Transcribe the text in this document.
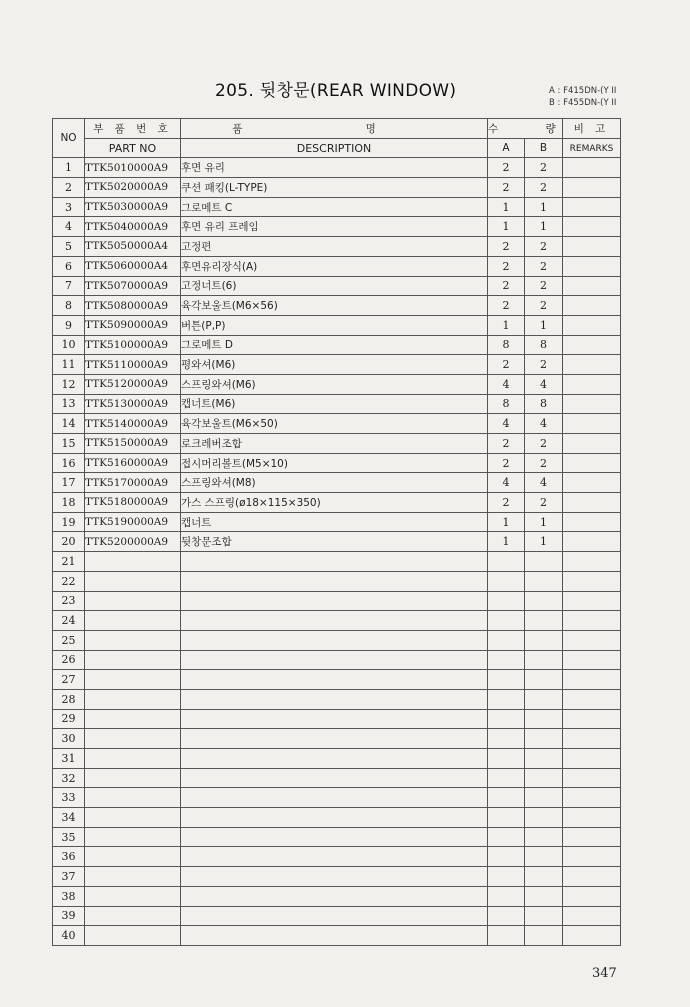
205. 뒷창문(REAR WINDOW)	A : F415DN-(Y II
B : F455DN-(Y II
NO	부 품 번 호	품 명	수 량		비 고
	PART NO	DESCRIPTION	A	B	REMARKS
1	TTK5010000A9	후면 유리	2	2	
2	TTK5020000A9	쿠션 패킹(L-TYPE)	2	2	
3	TTK5030000A9	그로메트 C	1	1	
4	TTK5040000A9	후면 유리 프레임	1	1	
5	TTK5050000A4	고정편	2	2	
6	TTK5060000A4	후면유리장식(A)	2	2	
7	TTK5070000A9	고정너트(6)	2	2	
8	TTK5080000A9	육각보울트(M6×56)	2	2	
9	TTK5090000A9	버튼(P,P)	1	1	
10	TTK5100000A9	그로메트 D	8	8	
11	TTK5110000A9	평와셔(M6)	2	2	
12	TTK5120000A9	스프링와셔(M6)	4	4	
13	TTK5130000A9	캡너트(M6)	8	8	
14	TTK5140000A9	육각보울트(M6×50)	4	4	
15	TTK5150000A9	로크레버조합	2	2	
16	TTK5160000A9	접시머리볼트(M5×10)	2	2	
17	TTK5170000A9	스프링와셔(M8)	4	4	
18	TTK5180000A9	가스 스프링(ø18×115×350)	2	2	
19	TTK5190000A9	캡너트	1	1	
20	TTK5200000A9	뒷창문조합	1	1	
21					
22					
23					
24					
25					
26					
27					
28					
29					
30					
31					
32					
33					
34					
35					
36					
37					
38					
39					
40					
347
